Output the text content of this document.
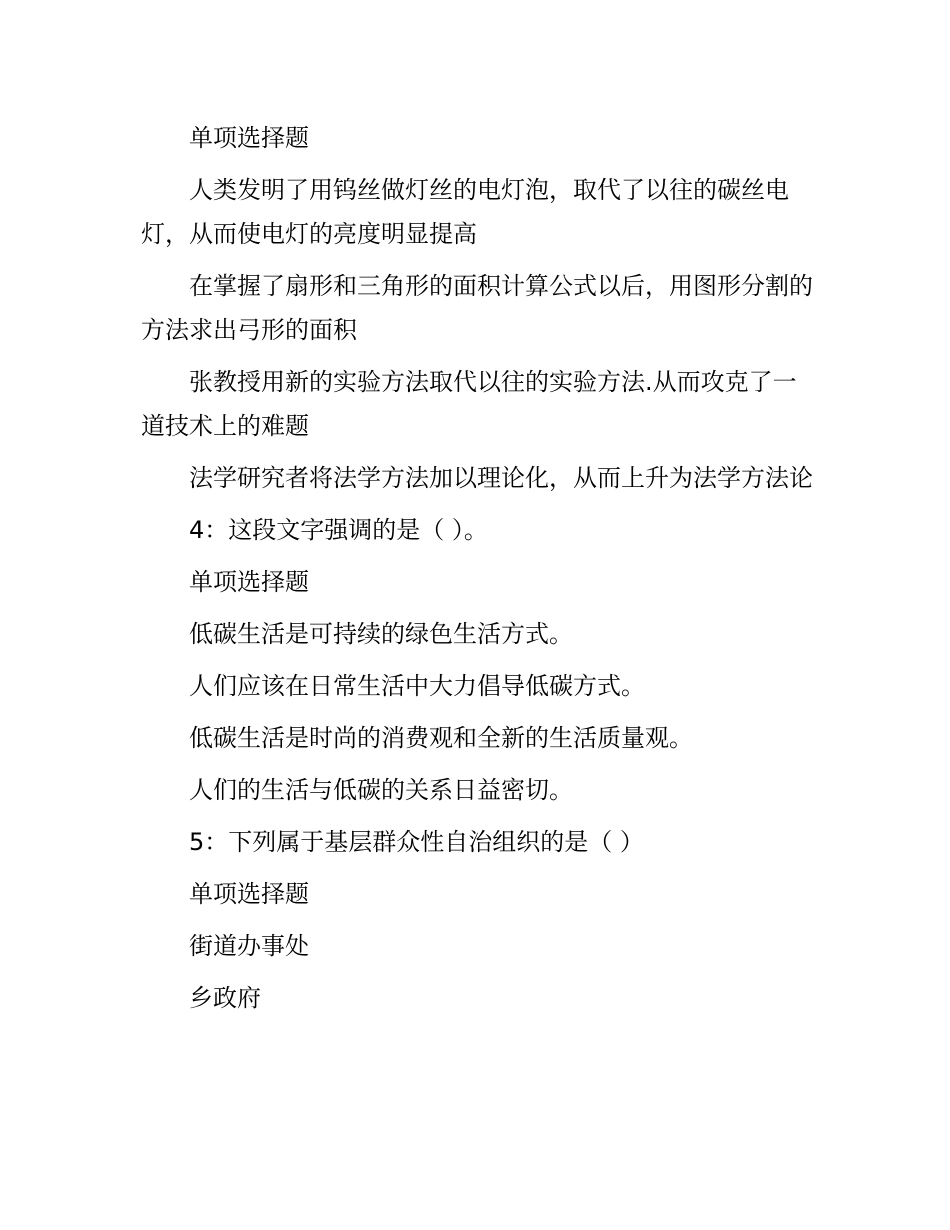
单项选择题

人类发明了用钨丝做灯丝的电灯泡，取代了以往的碳丝电灯，从而使电灯的亮度明显提高

在掌握了扇形和三角形的面积计算公式以后，用图形分割的方法求出弓形的面积

张教授用新的实验方法取代以往的实验方法.从而攻克了一道技术上的难题

法学研究者将法学方法加以理论化，从而上升为法学方法论

4：这段文字强调的是（ ）。

单项选择题

低碳生活是可持续的绿色生活方式。

人们应该在日常生活中大力倡导低碳方式。

低碳生活是时尚的消费观和全新的生活质量观。

人们的生活与低碳的关系日益密切。

5：下列属于基层群众性自治组织的是（ ）

单项选择题

街道办事处

乡政府
